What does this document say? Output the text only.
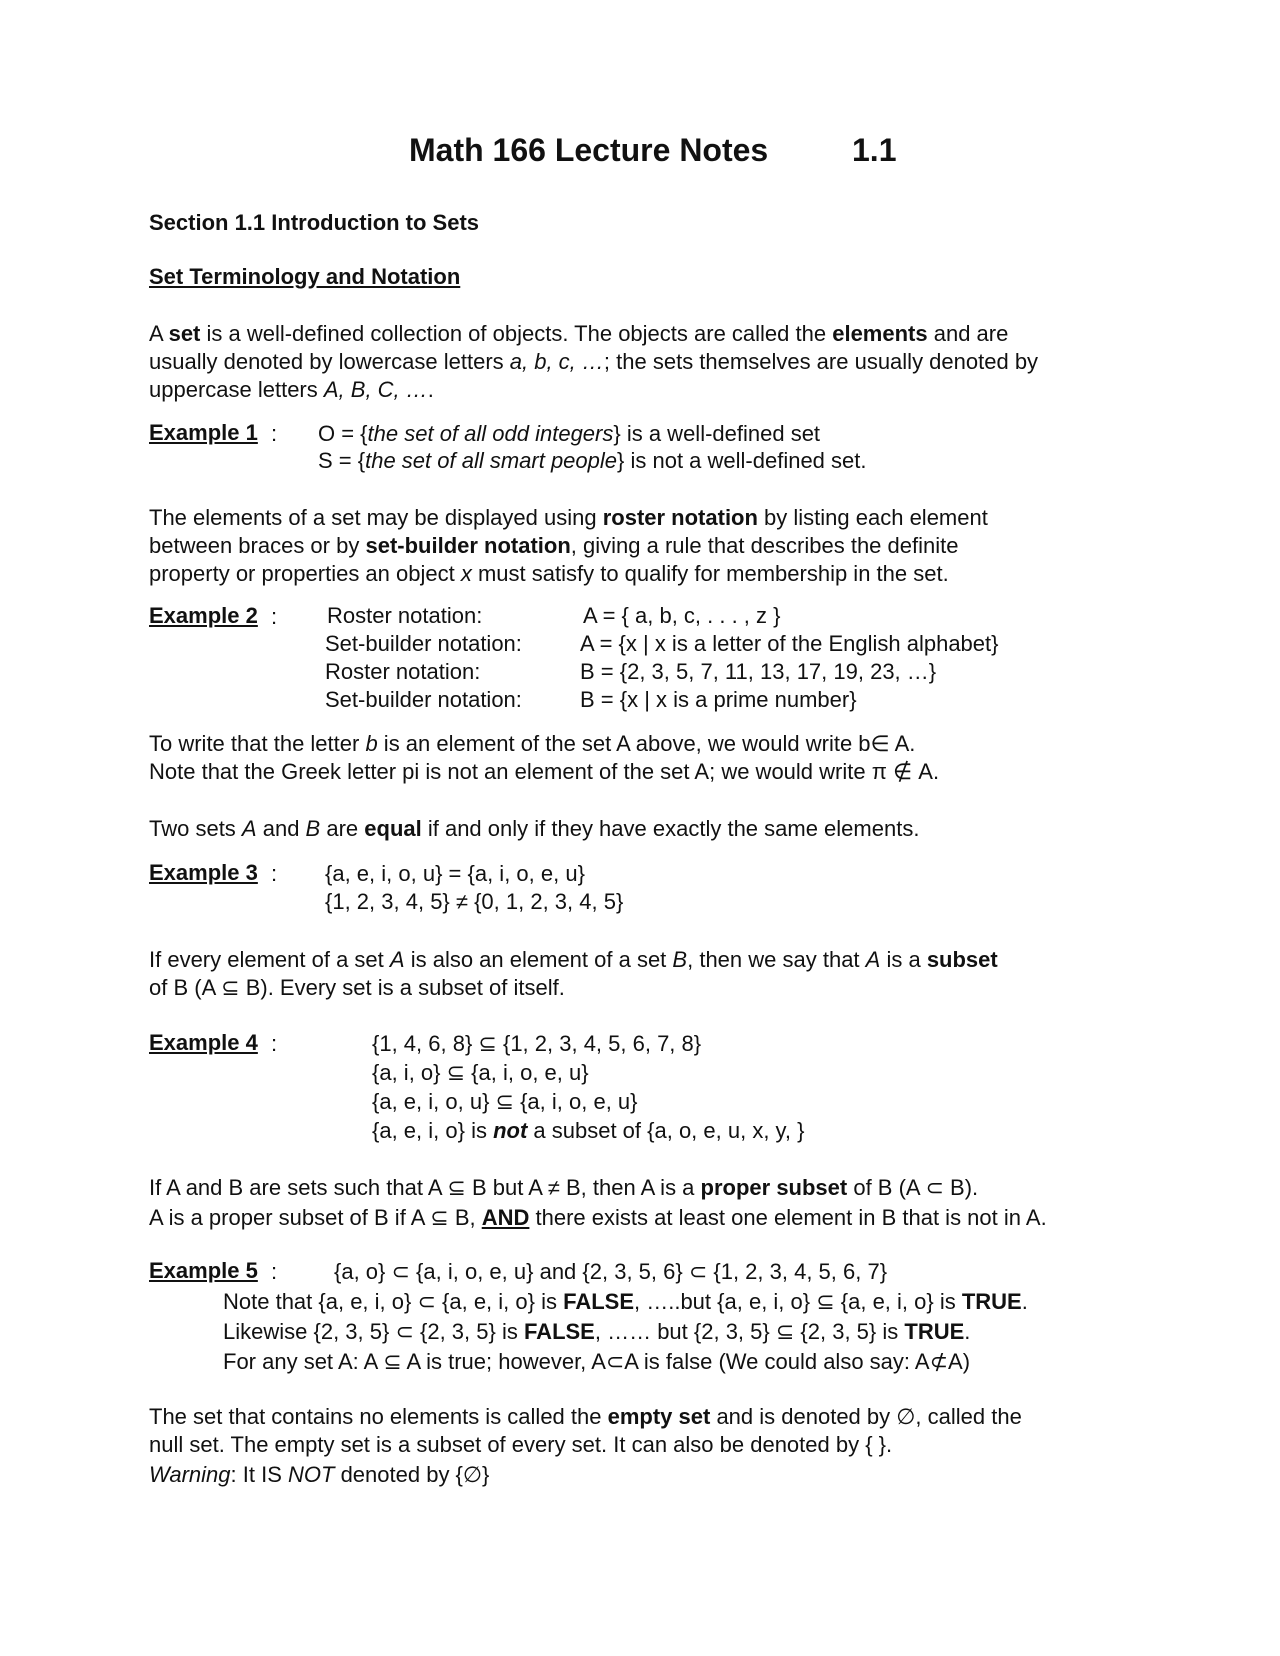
Math 166 Lecture Notes	1.1
Section 1.1 Introduction to Sets
Set Terminology and Notation
A set is a well-defined collection of objects. The objects are called the elements and are
usually denoted by lowercase letters a, b, c, …; the sets themselves are usually denoted by
uppercase letters A, B, C, ….
Example 1 : O = {the set of all odd integers} is a well-defined set
S = {the set of all smart people} is not a well-defined set.
The elements of a set may be displayed using roster notation by listing each element
between braces or by set-builder notation, giving a rule that describes the definite
property or properties an object x must satisfy to qualify for membership in the set.
Example 2 : Roster notation:	A = { a, b, c, . . . , z }
Set-builder notation:	A = {x | x is a letter of the English alphabet}
Roster notation:	B = {2, 3, 5, 7, 11, 13, 17, 19, 23, …}
Set-builder notation:	B = {x | x is a prime number}
To write that the letter b is an element of the set A above, we would write b∈ A.
Note that the Greek letter pi is not an element of the set A; we would write π ∉ A.
Two sets A and B are equal if and only if they have exactly the same elements.
Example 3 : {a, e, i, o, u} = {a, i, o, e, u}
{1, 2, 3, 4, 5} ≠ {0, 1, 2, 3, 4, 5}
If every element of a set A is also an element of a set B, then we say that A is a subset
of B (A ⊆ B). Every set is a subset of itself.
Example 4 :	{1, 4, 6, 8} ⊆ {1, 2, 3, 4, 5, 6, 7, 8}
{a, i, o} ⊆ {a, i, o, e, u}
{a, e, i, o, u} ⊆ {a, i, o, e, u}
{a, e, i, o} is not a subset of {a, o, e, u, x, y, }
If A and B are sets such that A ⊆ B but A ≠ B, then A is a proper subset of B (A ⊂ B).
A is a proper subset of B if A ⊆ B, AND there exists at least one element in B that is not in A.
Example 5 :	{a, o} ⊂ {a, i, o, e, u} and {2, 3, 5, 6} ⊂ {1, 2, 3, 4, 5, 6, 7}
Note that {a, e, i, o} ⊂ {a, e, i, o} is FALSE, …..but {a, e, i, o} ⊆ {a, e, i, o} is TRUE.
Likewise {2, 3, 5} ⊂ {2, 3, 5} is FALSE, …… but {2, 3, 5} ⊆ {2, 3, 5} is TRUE.
For any set A: A ⊆ A is true; however, A⊂A is false (We could also say: A⊄A)
The set that contains no elements is called the empty set and is denoted by ∅, called the
null set. The empty set is a subset of every set. It can also be denoted by { }.
Warning: It IS NOT denoted by {∅}
